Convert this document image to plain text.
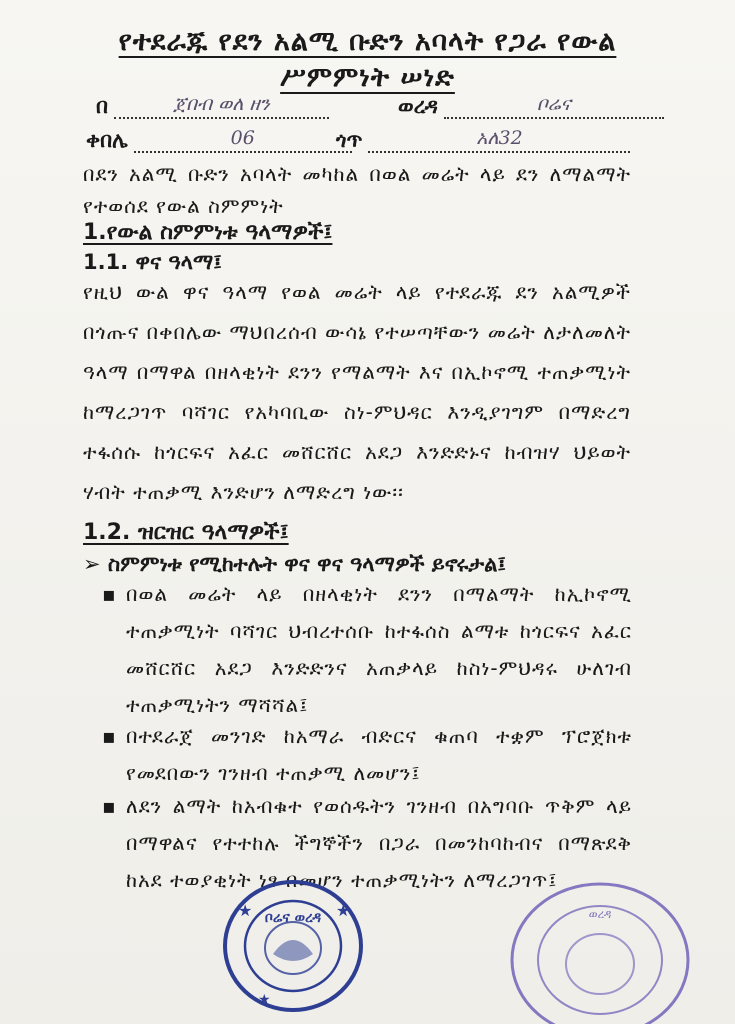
የተደራጁ የደን አልሚ ቡድን አባላት የጋራ የውል
ሥምምነት ሠነድ
በ	ጀበብ ወለ ዘን	ወረዳ	ቦሬና
ቀበሌ	06	ጎጥ	አለ32
በደን አልሚ ቡድን አባላት መካከል በወል መሬት ላይ ደን ለማልማት የተወሰደ የውል ስምምነት
1.የውል ስምምነቱ ዓላማዎች፤
1.1. ዋና ዓላማ፤
የዚህ ውል ዋና ዓላማ የወል መሬት ላይ የተደራጁ ደን አልሚዎች በጎጡና በቀበሌው ማህበረሰብ ውሳኔ የተሠጣቸውን መሬት ለታለመለት ዓላማ በማዋል በዘላቂነት ደንን የማልማት እና በኢኮኖሚ ተጠቃሚነት ከማረጋገጥ ባሻገር የአካባቢው ስነ-ምህዳር እንዲያገግም በማድረግ ተፋሰሱ ከጎርፍና አፈር መሸርሸር አደጋ እንድድኑና ከብዝሃ ህይወት ሃብት ተጠቃሚ እንድሆን ለማድረግ ነው፡፡
1.2. ዝርዝር ዓላማዎች፤
➢ ስምምነቱ የሚከተሉት ዋና ዋና ዓላማዎች ይኖሩታል፤
▪ በወል መሬት ላይ በዘላቂነት ደንን በማልማት ከኢኮኖሚ ተጠቃሚነት ባሻገር ህብረተሰቡ ከተፋሰስ ልማቱ ከጎርፍና አፈር መሸርሸር አደጋ እንድድንና አጠቃላይ ከስነ-ምህዳሩ ሁለገብ ተጠቃሚነትን ማሻሻል፤
▪ በተደራጀ መንገድ ከአማራ ብድርና ቁጠባ ተቋም ፕሮጀክቱ የመደበውን ገንዘብ ተጠቃሚ ለመሆን፤
▪ ለደን ልማት ከአብቁተ የወሰዱትን ገንዘብ በአግባቡ ጥቅም ላይ በማዋልና የተተከሉ ችግኞችን በጋራ በመንከባከብና በማጽደቅ ከአደ ተወያቂነት ነፃ በመሆን ተጠቃሚነትን ለማረጋገጥ፤
ቦሬና ወረዳ
★	★
★
ወረዳ
